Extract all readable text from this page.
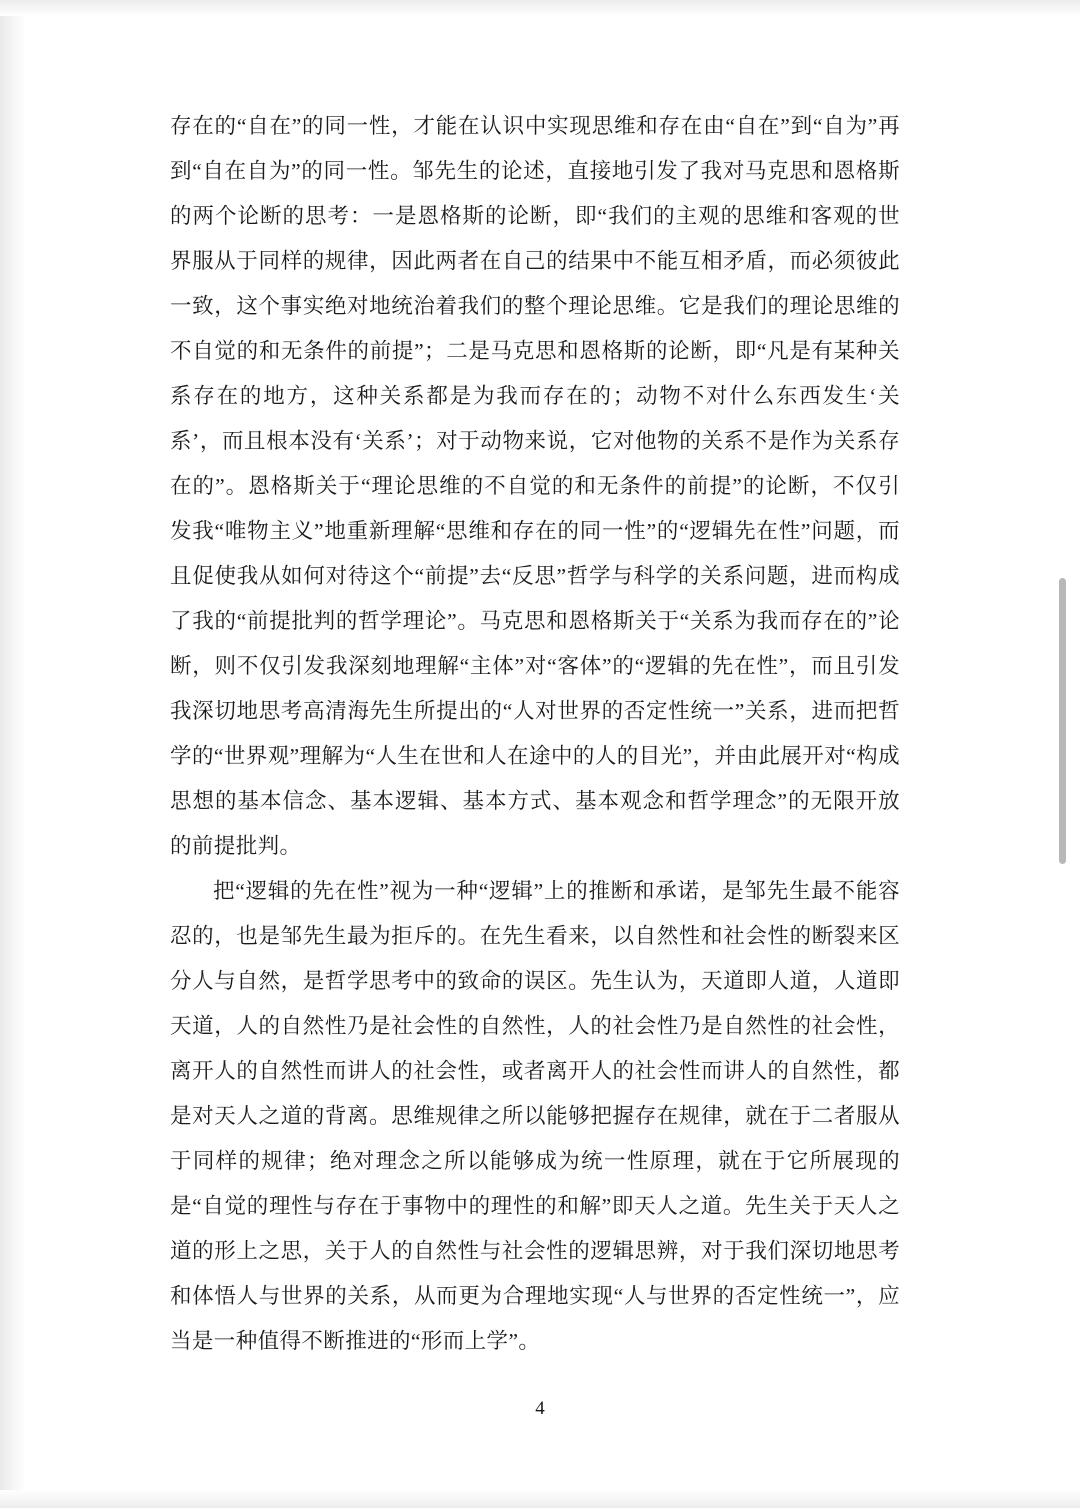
存在的“自在”的同一性，才能在认识中实现思维和存在由“自在”到“自为”再到“自在自为”的同一性。邹先生的论述，直接地引发了我对马克思和恩格斯的两个论断的思考：一是恩格斯的论断，即“我们的主观的思维和客观的世界服从于同样的规律，因此两者在自己的结果中不能互相矛盾，而必须彼此一致，这个事实绝对地统治着我们的整个理论思维。它是我们的理论思维的不自觉的和无条件的前提”；二是马克思和恩格斯的论断，即“凡是有某种关系存在的地方，这种关系都是为我而存在的；动物不对什么东西发生‘关系’，而且根本没有‘关系’；对于动物来说，它对他物的关系不是作为关系存在的”。恩格斯关于“理论思维的不自觉的和无条件的前提”的论断，不仅引发我“唯物主义”地重新理解“思维和存在的同一性”的“逻辑先在性”问题，而且促使我从如何对待这个“前提”去“反思”哲学与科学的关系问题，进而构成了我的“前提批判的哲学理论”。马克思和恩格斯关于“关系为我而存在的”论断，则不仅引发我深刻地理解“主体”对“客体”的“逻辑的先在性”，而且引发我深切地思考高清海先生所提出的“人对世界的否定性统一”关系，进而把哲学的“世界观”理解为“人生在世和人在途中的人的目光”，并由此展开对“构成思想的基本信念、基本逻辑、基本方式、基本观念和哲学理念”的无限开放的前提批判。

把“逻辑的先在性”视为一种“逻辑”上的推断和承诺，是邹先生最不能容忍的，也是邹先生最为拒斥的。在先生看来，以自然性和社会性的断裂来区分人与自然，是哲学思考中的致命的误区。先生认为，天道即人道，人道即天道，人的自然性乃是社会性的自然性，人的社会性乃是自然性的社会性，离开人的自然性而讲人的社会性，或者离开人的社会性而讲人的自然性，都是对天人之道的背离。思维规律之所以能够把握存在规律，就在于二者服从于同样的规律；绝对理念之所以能够成为统一性原理，就在于它所展现的是“自觉的理性与存在于事物中的理性的和解”即天人之道。先生关于天人之道的形上之思，关于人的自然性与社会性的逻辑思辨，对于我们深切地思考和体悟人与世界的关系，从而更为合理地实现“人与世界的否定性统一”，应当是一种值得不断推进的“形而上学”。

4
